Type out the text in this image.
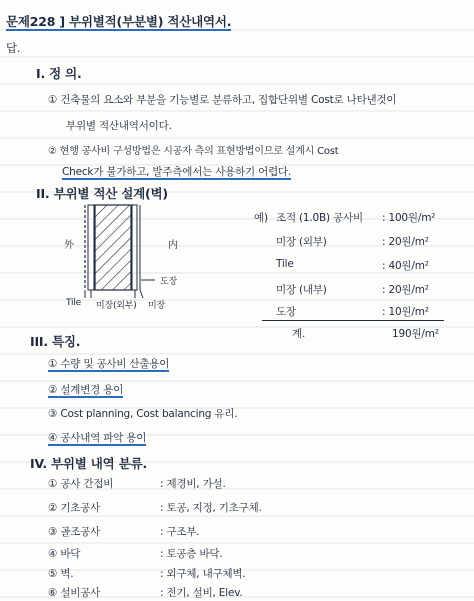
문제228 ] 부위별적(부분별) 적산내역서.
답.
I. 정 의.
① 건축물의 요소와 부분을 기능별로 분류하고, 집합단위별 Cost로 나타낸것이
부위별 적산내역서이다.
② 현행 공사비 구성방법은 시공자 측의 표현방법이므로 설계시 Cost
Check가 불가하고, 발주측에서는 사용하기 어렵다.
II. 부위별 적산 설계(벽)
外	内
Tile 미장(외부)
도장
미장
예) 조적 (1.0B) 공사비 : 100원/m²
미장 (외부)	: 20원/m²
Tile	: 40원/m²
미장 (내부)	: 20원/m²
도장	: 10원/m²
계.	190원/m²
III. 특징.
① 수량 및 공사비 산출용이
② 설계변경 용이
③ Cost planning, Cost balancing 유리.
④ 공사내역 파악 용이
IV. 부위별 내역 분류.
① 공사 간접비	: 제경비, 가설.
② 기초공사	: 토공, 지정, 기초구체.
③ 골조공사	: 구조부.
④ 바닥	: 토공층 바닥.
⑤ 벽.	: 외구체, 내구체벽.
⑥ 설비공사	: 전기, 설비, Elev.
